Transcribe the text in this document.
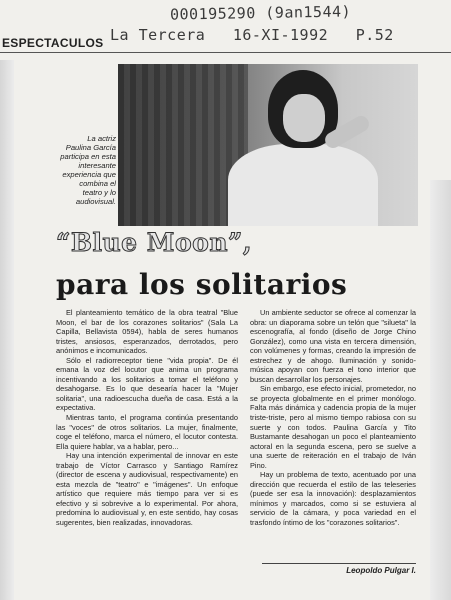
000195290 (9an1544)
La Tercera 16-XI-1992 P.52
ESPECTACULOS
La actriz Paulina García participa en esta interesante experiencia que combina el teatro y lo audiovisual.
“Blue Moon”,
para los solitarios

El planteamiento temático de la obra teatral "Blue Moon, el bar de los corazones solitarios" (Sala La Capilla, Bellavista 0594), habla de seres humanos tristes, ansiosos, esperanzados, derrotados, pero anónimos e incomunicados.

Sólo el radiorreceptor tiene "vida propia". De él emana la voz del locutor que anima un programa incentivando a los solitarios a tomar el teléfono y desahogarse. Es lo que desearía hacer la "Mujer solitaria", una radioescucha dueña de casa. Está a la expectativa.

Mientras tanto, el programa continúa presentando las "voces" de otros solitarios. La mujer, finalmente, coge el teléfono, marca el número, el locutor contesta. Ella quiere hablar, va a hablar, pero...

Hay una intención experimental de innovar en este trabajo de Víctor Carrasco y Santiago Ramírez (director de escena y audiovisual, respectivamente) en esta mezcla de "teatro" e "imágenes". Un enfoque artístico que requiere más tiempo para ver si es efectivo y si sobrevive a lo experimental. Por ahora, predomina lo audiovisual y, en este sentido, hay cosas sugerentes, bien realizadas, innovadoras.

Un ambiente seductor se ofrece al comenzar la obra: un diaporama sobre un telón que "silueta" la escenografía, al fondo (diseño de Jorge Chino González), como una vista en tercera dimensión, con volúmenes y formas, creando la impresión de estrechez y de ahogo. Iluminación y sonido-música apoyan con fuerza el tono interior que buscan desarrollar los personajes.

Sin embargo, ese efecto inicial, prometedor, no se proyecta globalmente en el primer monólogo. Falta más dinámica y cadencia propia de la mujer triste-triste, pero al mismo tiempo rabiosa con su suerte y con todos. Paulina García y Tito Bustamante desahogan un poco el planteamiento actoral en la segunda escena, pero se suelve a una suerte de reiteración en el trabajo de Iván Pino.

Hay un problema de texto, acentuado por una dirección que recuerda el estilo de las teleseries (puede ser esa la innovación): desplazamientos mínimos y marcados, como si se estuviera al servicio de la cámara, y poca variedad en el trasfondo íntimo de los "corazones solitarios".

Leopoldo Pulgar I.
